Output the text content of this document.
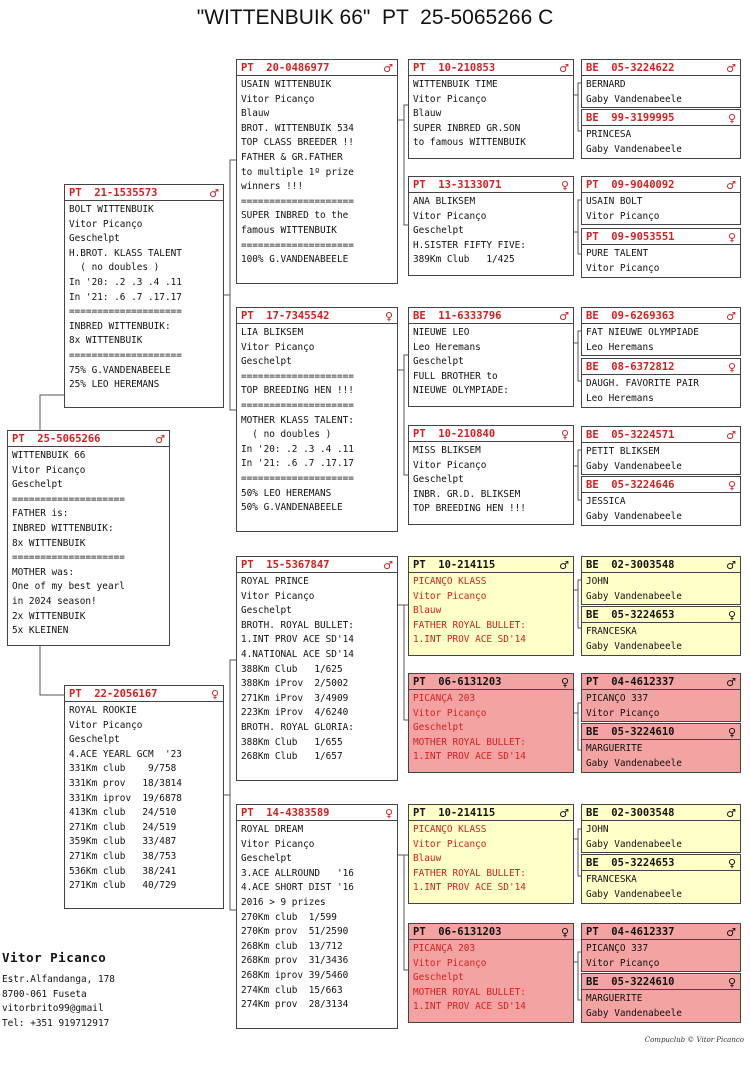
"WITTENBUIK 66"  PT  25-5065266 C
PT  25-5065266	♂
WITTENBUIK 66
Vitor Picanço
Geschelpt
====================
FATHER is:
INBRED WITTENBUIK:
8x WITTENBUIK
====================
MOTHER was:
One of my best yearl
in 2024 season!
2x WITTENBUIK
5x KLEINEN
PT  21-1535573	♂
BOLT WITTENBUIK
Vitor Picanço
Geschelpt
H.BROT. KLASS TALENT
( no doubles )
In '20: .2 .3 .4 .11
In '21: .6 .7 .17.17
====================
INBRED WITTENBUIK:
8x WITTENBUIK
====================
75% G.VANDENABEELE
25% LEO HEREMANS
PT  22-2056167	♀
ROYAL ROOKIE
Vitor Picanço
Geschelpt
4.ACE YEARL GCM  '23
331Km club    9/758
331Km prov   18/3814
331Km iprov  19/6878
413Km club   24/510
271Km club   24/519
359Km club   33/487
271Km club   38/753
536Km club   38/241
271Km club   40/729
PT  20-0486977	♂
USAIN WITTENBUIK
Vitor Picanço
Blauw
BROT. WITTENBUIK 534
TOP CLASS BREEDER !!
FATHER & GR.FATHER
to multiple 1º prize
winners !!!
====================
SUPER INBRED to the
famous WITTENBUIK
====================
100% G.VANDENABEELE
PT  17-7345542	♀
LIA BLIKSEM
Vitor Picanço
Geschelpt
====================
TOP BREEDING HEN !!!
====================
MOTHER KLASS TALENT:
( no doubles )
In '20: .2 .3 .4 .11
In '21: .6 .7 .17.17
====================
50% LEO HEREMANS
50% G.VANDENABEELE
PT  15-5367847	♂
ROYAL PRINCE
Vitor Picanço
Geschelpt
BROTH. ROYAL BULLET:
1.INT PROV ACE SD'14
4.NATIONAL ACE SD'14
388Km Club   1/625
388Km iProv  2/5002
271Km iProv  3/4909
223Km iProv  4/6240
BROTH. ROYAL GLORIA:
388Km Club   1/655
268Km Club   1/657
PT  14-4383589	♀
ROYAL DREAM
Vitor Picanço
Geschelpt
3.ACE ALLROUND   '16
4.ACE SHORT DIST '16
2016 > 9 prizes
270Km club  1/599
270Km prov  51/2590
268Km club  13/712
268Km prov  31/3436
268Km iprov 39/5460
274Km club  15/663
274Km prov  28/3134
PT  10-210853	♂
WITTENBUIK TIME
Vitor Picanço
Blauw
SUPER INBRED GR.SON
to famous WITTENBUIK
PT  13-3133071	♀
ANA BLIKSEM
Vitor Picanço
Geschelpt
H.SISTER FIFTY FIVE:
389Km Club   1/425
BE  11-6333796	♂
NIEUWE LEO
Leo Heremans
Geschelpt
FULL BROTHER to
NIEUWE OLYMPIADE:
PT  10-210840	♀
MISS BLIKSEM
Vitor Picanço
Geschelpt
INBR. GR.D. BLIKSEM
TOP BREEDING HEN !!!
PT  10-214115	♂
PICANÇO KLASS
Vitor Picanço
Blauw
FATHER ROYAL BULLET:
1.INT PROV ACE SD'14
PT  06-6131203	♀
PICANÇA 203
Vitor Picanço
Geschelpt
MOTHER ROYAL BULLET:
1.INT PROV ACE SD'14
PT  10-214115	♂
PICANÇO KLASS
Vitor Picanço
Blauw
FATHER ROYAL BULLET:
1.INT PROV ACE SD'14
PT  06-6131203	♀
PICANÇA 203
Vitor Picanço
Geschelpt
MOTHER ROYAL BULLET:
1.INT PROV ACE SD'14
BE  05-3224622	♂
BERNARD
Gaby Vandenabeele
BE  99-3199995	♀
PRINCESA
Gaby Vandenabeele
PT  09-9040092	♂
USAIN BOLT
Vitor Picanço
PT  09-9053551	♀
PURE TALENT
Vitor Picanço
BE  09-6269363	♂
FAT NIEUWE OLYMPIADE
Leo Heremans
BE  08-6372812	♀
DAUGH. FAVORITE PAIR
Leo Heremans
BE  05-3224571	♂
PETIT BLIKSEM
Gaby Vandenabeele
BE  05-3224646	♀
JESSICA
Gaby Vandenabeele
BE  02-3003548	♂
JOHN
Gaby Vandenabeele
BE  05-3224653	♀
FRANCESKA
Gaby Vandenabeele
PT  04-4612337	♂
PICANÇO 337
Vitor Picanço
BE  05-3224610	♀
MARGUERITE
Gaby Vandenabeele
BE  02-3003548	♂
JOHN
Gaby Vandenabeele
BE  05-3224653	♀
FRANCESKA
Gaby Vandenabeele
PT  04-4612337	♂
PICANÇO 337
Vitor Picanço
BE  05-3224610	♀
MARGUERITE
Gaby Vandenabeele
Vitor Picanco
Estr.Alfandanga, 178
8700-061 Fuseta
vitorbrito99@gmail
Tel: +351 919712917
Compuclub © Vitor Picanco
